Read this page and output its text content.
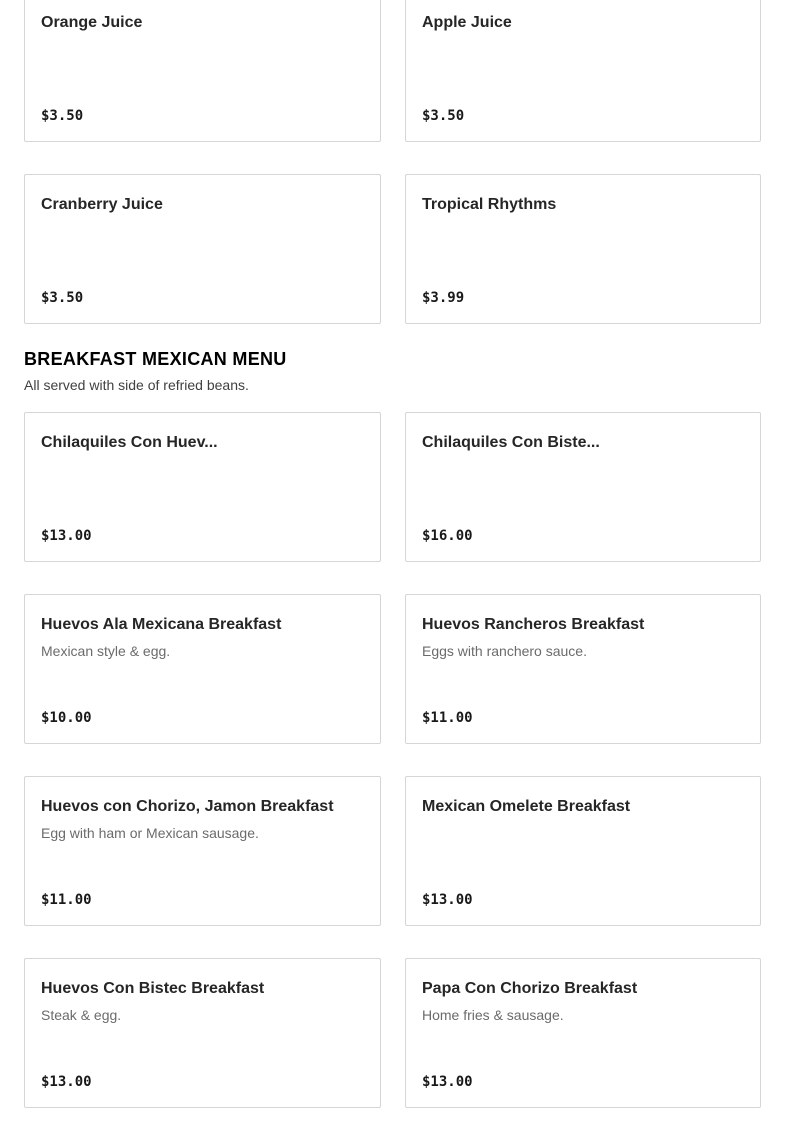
Orange Juice
$3.50
Apple Juice
$3.50
Cranberry Juice
$3.50
Tropical Rhythms
$3.99
BREAKFAST MEXICAN MENU
All served with side of refried beans.
Chilaquiles Con Huev...
$13.00
Chilaquiles Con Biste...
$16.00
Huevos Ala Mexicana Breakfast
Mexican style & egg.
$10.00
Huevos Rancheros Breakfast
Eggs with ranchero sauce.
$11.00
Huevos con Chorizo, Jamon Breakfast
Egg with ham or Mexican sausage.
$11.00
Mexican Omelete Breakfast
$13.00
Huevos Con Bistec Breakfast
Steak & egg.
$13.00
Papa Con Chorizo Breakfast
Home fries & sausage.
$13.00
